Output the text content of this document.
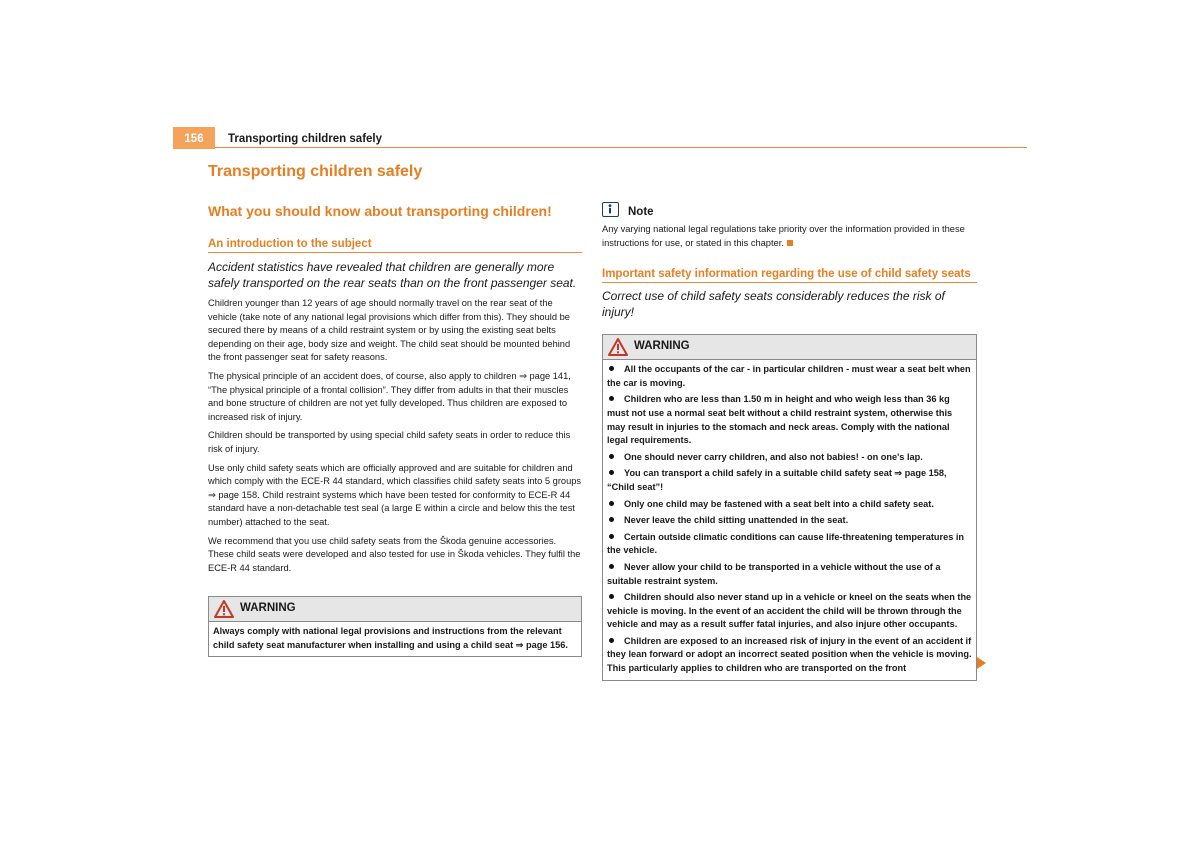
156	Transporting children safely
Transporting children safely
What you should know about transporting children!
An introduction to the subject

Accident statistics have revealed that children are generally more safely transported on the rear seats than on the front passenger seat.

Children younger than 12 years of age should normally travel on the rear seat of the vehicle (take note of any national legal provisions which differ from this). They should be secured there by means of a child restraint system or by using the existing seat belts depending on their age, body size and weight. The child seat should be mounted behind the front passenger seat for safety reasons.

The physical principle of an accident does, of course, also apply to children ⇒ page 141, “The physical principle of a frontal collision”. They differ from adults in that their muscles and bone structure of children are not yet fully developed. Thus children are exposed to increased risk of injury.

Children should be transported by using special child safety seats in order to reduce this risk of injury.

Use only child safety seats which are officially approved and are suitable for children and which comply with the ECE-R 44 standard, which classifies child safety seats into 5 groups ⇒ page 158. Child restraint systems which have been tested for conformity to ECE-R 44 standard have a non-detachable test seal (a large E within a circle and below this the test number) attached to the seat.

We recommend that you use child safety seats from the Škoda genuine accessories. These child seats were developed and also tested for use in Škoda vehicles. They fulfil the ECE-R 44 standard.

WARNING
Always comply with national legal provisions and instructions from the relevant child safety seat manufacturer when installing and using a child seat ⇒ page 156.
Note

Any varying national legal regulations take priority over the information provided in these instructions for use, or stated in this chapter.

Important safety information regarding the use of child safety seats

Correct use of child safety seats considerably reduces the risk of injury!

WARNING
All the occupants of the car - in particular children - must wear a seat belt when the car is moving.
Children who are less than 1.50 m in height and who weigh less than 36 kg must not use a normal seat belt without a child restraint system, otherwise this may result in injuries to the stomach and neck areas. Comply with the national legal requirements.
One should never carry children, and also not babies! - on one's lap.
You can transport a child safely in a suitable child safety seat ⇒ page 158, “Child seat”!
Only one child may be fastened with a seat belt into a child safety seat.
Never leave the child sitting unattended in the seat.
Certain outside climatic conditions can cause life-threatening temperatures in the vehicle.
Never allow your child to be transported in a vehicle without the use of a suitable restraint system.
Children should also never stand up in a vehicle or kneel on the seats when the vehicle is moving. In the event of an accident the child will be thrown through the vehicle and may as a result suffer fatal injuries, and also injure other occupants.
Children are exposed to an increased risk of injury in the event of an accident if they lean forward or adopt an incorrect seated position when the vehicle is moving. This particularly applies to children who are transported on the front
